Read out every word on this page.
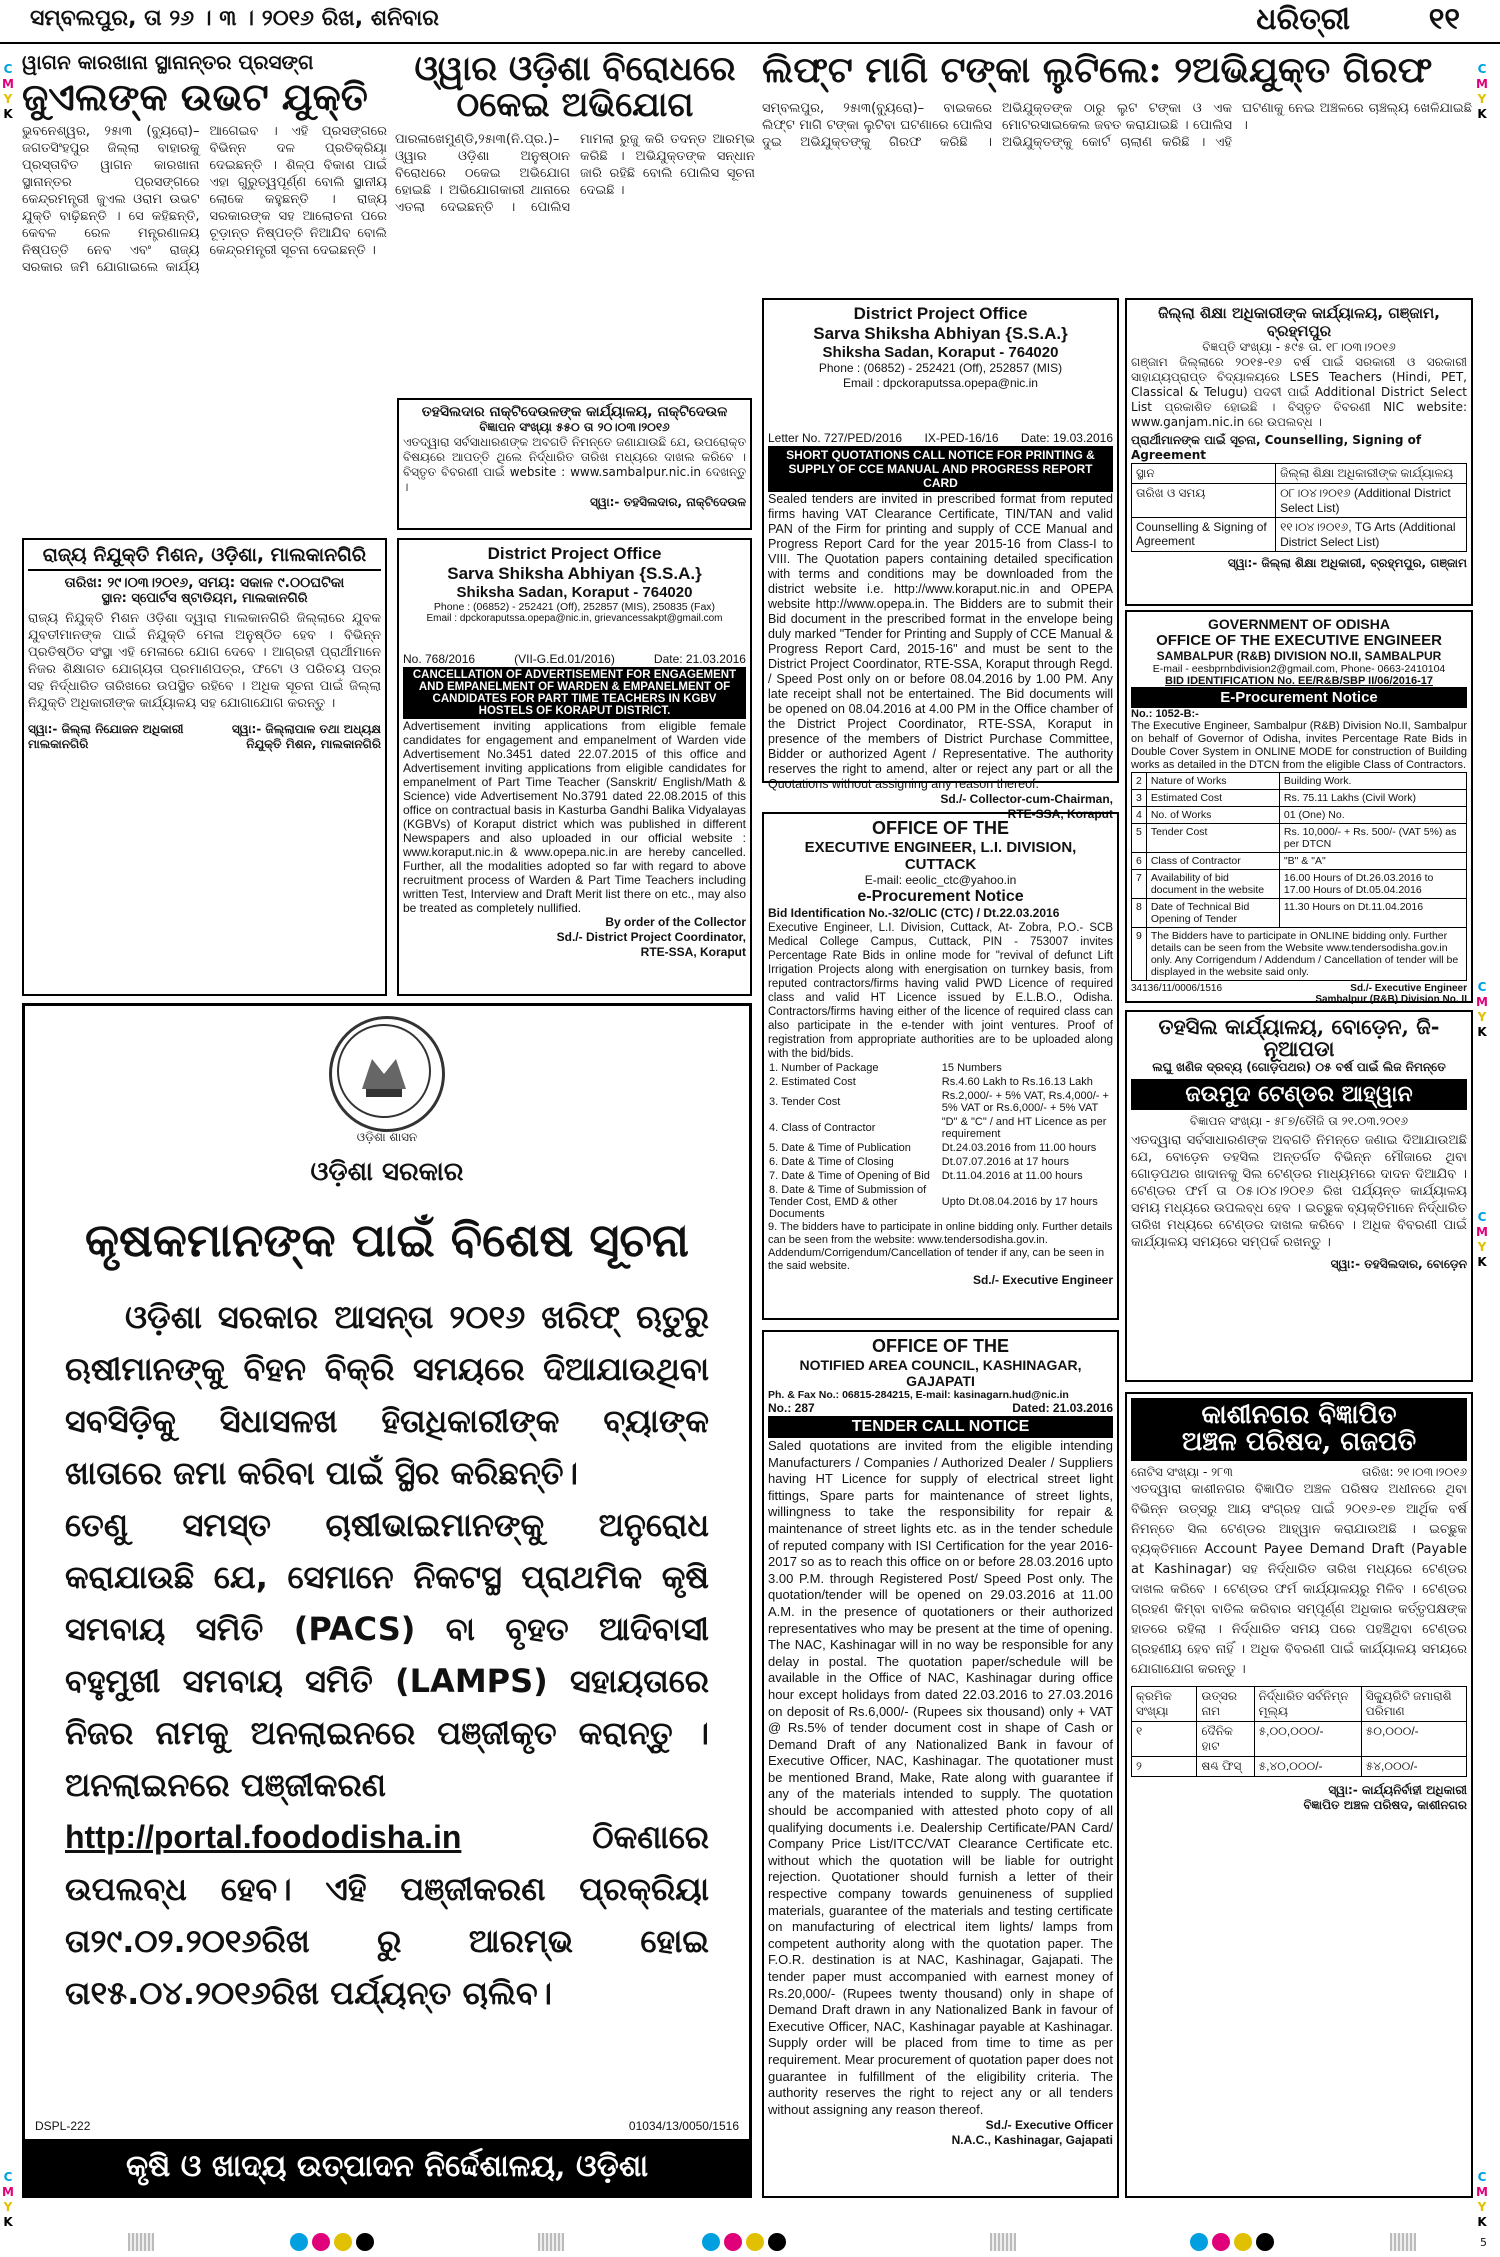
ସମ୍ବଲପୁର, ତା ୨୬ । ୩ । ୨୦୧୬ ରିଖ, ଶନିବାର	ଧରିତ୍ରୀ	୧୧
C
M
Y
K
C
M
Y
K
C
M
Y
K
C
M
Y
K
C
M
Y
K
C
M
Y
K
ୱାଗନ କାରଖାନା ସ୍ଥାନାନ୍ତର ପ୍ରସଙ୍ଗ
ଜୁଏଲଙ୍କ ଉଭଟ ଯୁକ୍ତି
ଭୁବନେଶ୍ୱର, ୨୫ା୩ (ବ୍ୟୁରୋ)– ଜଗତସିଂହପୁର ଜିଲ୍ଲା ବାହାରକୁ ପ୍ରସ୍ତାବିତ ୱାଗନ କାରଖାନା ସ୍ଥାନାନ୍ତର ପ୍ରସଙ୍ଗରେ କେନ୍ଦ୍ରମନ୍ତ୍ରୀ ଜୁଏଲ ଓରାମ ଉଭଟ ଯୁକ୍ତି ବାଢ଼ିଛନ୍ତି । ସେ କହିଛନ୍ତି, କେବଳ ରେଳ ମନ୍ତ୍ରଣାଳୟ ନିଷ୍ପତ୍ତି ନେବ ଏବଂ ରାଜ୍ୟ ସରକାର ଜମି ଯୋଗାଇଲେ କାର୍ଯ୍ୟ ଆଗେଇବ । ଏହି ପ୍ରସଙ୍ଗରେ ବିଭିନ୍ନ ଦଳ ପ୍ରତିକ୍ରିୟା ଦେଇଛନ୍ତି । ଶିଳ୍ପ ବିକାଶ ପାଇଁ ଏହା ଗୁରୁତ୍ୱପୂର୍ଣ୍ଣ ବୋଲି ସ୍ଥାନୀୟ ଲୋକେ କହୁଛନ୍ତି । ରାଜ୍ୟ ସରକାରଙ୍କ ସହ ଆଲୋଚନା ପରେ ଚୂଡ଼ାନ୍ତ ନିଷ୍ପତ୍ତି ନିଆଯିବ ବୋଲି କେନ୍ଦ୍ରମନ୍ତ୍ରୀ ସୂଚନା ଦେଇଛନ୍ତି ।
ଓ୍ୱାର ଓଡ଼ିଶା ବିରୋଧରେ ଠକେଇ ଅଭିଯୋଗ
ପାରଳାଖେମୁଣ୍ଡି,୨୫ା୩(ନି.ପ୍ର.)– ଓ୍ୱାର ଓଡ଼ିଶା ଅନୁଷ୍ଠାନ ବିରୋଧରେ ଠକେଇ ଅଭିଯୋଗ ହୋଇଛି । ଅଭିଯୋଗକାରୀ ଥାନାରେ ଏତଲା ଦେଇଛନ୍ତି । ପୋଲିସ ମାମଲା ରୁଜୁ କରି ତଦନ୍ତ ଆରମ୍ଭ କରିଛି । ଅଭିଯୁକ୍ତଙ୍କ ସନ୍ଧାନ ଜାରି ରହିଛି ବୋଲି ପୋଲିସ ସୂଚନା ଦେଇଛି ।
ଲିଫ୍ଟ ମାଗି ଟଙ୍କା ଲୁଟିଲେ: ୨ଅଭିଯୁକ୍ତ ଗିରଫ
ସମ୍ବଲପୁର, ୨୫ା୩(ବ୍ୟୁରୋ)– ବାଇକରେ ଲିଫ୍ଟ ମାଗି ଟଙ୍କା ଲୁଟିବା ଘଟଣାରେ ପୋଲିସ ଦୁଇ ଅଭିଯୁକ୍ତଙ୍କୁ ଗିରଫ କରିଛି । ଅଭିଯୁକ୍ତଙ୍କ ଠାରୁ ଲୁଟ ଟଙ୍କା ଓ ଏକ ମୋଟରସାଇକେଲ ଜବତ କରାଯାଇଛି । ପୋଲିସ ଅଭିଯୁକ୍ତଙ୍କୁ କୋର୍ଟ ଚାଲାଣ କରିଛି । ଏହି ଘଟଣାକୁ ନେଇ ଅଞ୍ଚଳରେ ଚାଞ୍ଚଲ୍ୟ ଖେଳିଯାଇଛି ।
ତହସିଲଦାର ନାକ୍ଟିଦେଉଳଙ୍କ କାର୍ଯ୍ୟାଳୟ, ନାକ୍ଟିଦେଉଳ
ବିଜ୍ଞାପନ ସଂଖ୍ୟା ୫୫୦ ତା ୨୦।୦୩।୨୦୧୬
ଏତଦ୍ୱାରା ସର୍ବସାଧାରଣଙ୍କ ଅବଗତି ନିମନ୍ତେ ଜଣାଯାଉଛି ଯେ, ଉପରୋକ୍ତ ବିଷୟରେ ଆପତ୍ତି ଥିଲେ ନିର୍ଦ୍ଧାରିତ ତାରିଖ ମଧ୍ୟରେ ଦାଖଲ କରିବେ । ବିସ୍ତୃତ ବିବରଣୀ ପାଇଁ website : www.sambalpur.nic.in ଦେଖନ୍ତୁ ।
ସ୍ୱା:- ତହସିଲଦାର, ନାକ୍ଟିଦେଉଳ
District Project Office
Sarva Shiksha Abhiyan {S.S.A.}
Shiksha Sadan, Koraput - 764020
Phone : (06852) - 252421 (Off), 252857 (MIS)
Email : dpckoraputssa.opepa@nic.in
Letter No. 727/PED/2016 IX-PED-16/16 Date: 19.03.2016
SHORT QUOTATIONS CALL NOTICE FOR PRINTING & SUPPLY OF CCE MANUAL AND PROGRESS REPORT CARD
Sealed tenders are invited in prescribed format from reputed firms having VAT Clearance Certificate, TIN/TAN and valid PAN of the Firm for printing and supply of CCE Manual and Progress Report Card for the year 2015-16 from Class-I to VIII. The Quotation papers containing detailed specification with terms and conditions may be downloaded from the district website i.e. http://www.koraput.nic.in and OPEPA website http://www.opepa.in. The Bidders are to submit their Bid document in the prescribed format in the envelope being duly marked "Tender for Printing and Supply of CCE Manual & Progress Report Card, 2015-16" and must be sent to the District Project Coordinator, RTE-SSA, Koraput through Regd. / Speed Post only on or before 08.04.2016 by 1.00 PM. Any late receipt shall not be entertained. The Bid documents will be opened on 08.04.2016 at 4.00 PM in the Office chamber of the District Project Coordinator, RTE-SSA, Koraput in presence of the members of District Purchase Committee, Bidder or authorized Agent / Representative. The authority reserves the right to amend, alter or reject any part or all the Quotations without assigning any reason thereof.
Sd./- Collector-cum-Chairman,
RTE-SSA, Koraput
ଜିଲ୍ଲା ଶିକ୍ଷା ଅଧିକାରୀଙ୍କ କାର୍ଯ୍ୟାଳୟ, ଗଞ୍ଜାମ, ବ୍ରହ୍ମପୁର
ବିଜ୍ଞପ୍ତି ସଂଖ୍ୟା - ୫୯୫ ତା. ୧୮।୦୩।୨୦୧୬
ଗଞ୍ଜାମ ଜିଲ୍ଲାରେ ୨୦୧୫-୧୬ ବର୍ଷ ପାଇଁ ସରକାରୀ ଓ ସରକାରୀ ସାହାଯ୍ୟପ୍ରାପ୍ତ ବିଦ୍ୟାଳୟରେ LSES Teachers (Hindi, PET, Classical & Telugu) ପଦବୀ ପାଇଁ Additional District Select List ପ୍ରକାଶିତ ହୋଇଛି । ବିସ୍ତୃତ ବିବରଣୀ NIC website: www.ganjam.nic.in ରେ ଉପଲବ୍ଧ ।
ପ୍ରାର୍ଥୀମାନଙ୍କ ପାଇଁ ସୂଚନା, Counselling, Signing of Agreement
ସ୍ଥାନ	ଜିଲ୍ଲା ଶିକ୍ଷା ଅଧିକାରୀଙ୍କ କାର୍ଯ୍ୟାଳୟ
ତାରିଖ ଓ ସମୟ	୦୮।୦୪।୨୦୧୬ (Additional District Select List)
Counselling & Signing of Agreement	୧୧।୦୪।୨୦୧୬, TG Arts (Additional District Select List)
ସ୍ୱା:- ଜିଲ୍ଲା ଶିକ୍ଷା ଅଧିକାରୀ, ବ୍ରହ୍ମପୁର, ଗଞ୍ଜାମ
GOVERNMENT OF ODISHA
OFFICE OF THE EXECUTIVE ENGINEER
SAMBALPUR (R&B) DIVISION NO.II, SAMBALPUR
E-mail - eesbprnbdivision2@gmail.com, Phone- 0663-2410104
BID IDENTIFICATION No. EE/R&B/SBP II/06/2016-17
E-Procurement Notice
No.: 1052-B:-
The Executive Engineer, Sambalpur (R&B) Division No.II, Sambalpur on behalf of Governor of Odisha, invites Percentage Rate Bids in Double Cover System in ONLINE MODE for construction of Building works as detailed in the DTCN from the eligible Class of Contractors.
2	Nature of Works	Building Work.
3	Estimated Cost	Rs. 75.11 Lakhs (Civil Work)
4	No. of Works	01 (One) No.
5	Tender Cost	Rs. 10,000/- + Rs. 500/- (VAT 5%) as per DTCN
6	Class of Contractor	"B" & "A"
7	Availability of bid document in the website	16.00 Hours of Dt.26.03.2016 to 17.00 Hours of Dt.05.04.2016
8	Date of Technical Bid Opening of Tender	11.30 Hours on Dt.11.04.2016
9	The Bidders have to participate in ONLINE bidding only. Further details can be seen from the Website www.tendersodisha.gov.in only. Any Corrigendum / Addendum / Cancellation of tender will be displayed in the website said only.	
34136/11/0006/1516	Sd./- Executive Engineer
Sambalpur (R&B) Division No. II
ରାଜ୍ୟ ନିଯୁକ୍ତି ମିଶନ, ଓଡ଼ିଶା, ମାଲକାନଗିରି
ତାରିଖ: ୨୯।୦୩।୨୦୧୬, ସମୟ: ସକାଳ ୯.୦୦ଘଟିକା
ସ୍ଥାନ: ସ୍ପୋର୍ଟସ ଷ୍ଟାଡିୟମ, ମାଲକାନଗିରି
ରାଜ୍ୟ ନିଯୁକ୍ତି ମିଶନ ଓଡ଼ିଶା ଦ୍ୱାରା ମାଲକାନଗିରି ଜିଲ୍ଲାରେ ଯୁବକ ଯୁବତୀମାନଙ୍କ ପାଇଁ ନିଯୁକ୍ତି ମେଳା ଅନୁଷ୍ଠିତ ହେବ । ବିଭିନ୍ନ ପ୍ରତିଷ୍ଠିତ ସଂସ୍ଥା ଏହି ମେଳାରେ ଯୋଗ ଦେବେ । ଆଗ୍ରହୀ ପ୍ରାର୍ଥୀମାନେ ନିଜର ଶିକ୍ଷାଗତ ଯୋଗ୍ୟତା ପ୍ରମାଣପତ୍ର, ଫଟୋ ଓ ପରିଚୟ ପତ୍ର ସହ ନିର୍ଦ୍ଧାରିତ ତାରିଖରେ ଉପସ୍ଥିତ ରହିବେ । ଅଧିକ ସୂଚନା ପାଇଁ ଜିଲ୍ଲା ନିଯୁକ୍ତି ଅଧିକାରୀଙ୍କ କାର୍ଯ୍ୟାଳୟ ସହ ଯୋଗାଯୋଗ କରନ୍ତୁ ।
ସ୍ୱା:- ଜିଲ୍ଲା ନିଯୋଜନ ଅଧିକାରୀ ମାଲକାନଗିରି
ସ୍ୱା:- ଜିଲ୍ଲାପାଳ ତଥା ଅଧ୍ୟକ୍ଷ ନିଯୁକ୍ତି ମିଶନ, ମାଲକାନଗିରି
District Project Office
Sarva Shiksha Abhiyan {S.S.A.}
Shiksha Sadan, Koraput - 764020
Phone : (06852) - 252421 (Off), 252857 (MIS), 250835 (Fax)
Email : dpckoraputssa.opepa@nic.in, grievancessakpt@gmail.com
No. 768/2016	(VII-G.Ed.01/2016)	Date: 21.03.2016
CANCELLATION OF ADVERTISEMENT FOR ENGAGEMENT AND EMPANELMENT OF WARDEN & EMPANELMENT OF CANDIDATES FOR PART TIME TEACHERS IN KGBV HOSTELS OF KORAPUT DISTRICT.
Advertisement inviting applications from eligible female candidates for engagement and empanelment of Warden vide Advertisement No.3451 dated 22.07.2015 of this office and Advertisement inviting applications from eligible candidates for empanelment of Part Time Teacher (Sanskrit/ English/Math & Science) vide Advertisement No.3791 dated 22.08.2015 of this office on contractual basis in Kasturba Gandhi Balika Vidyalayas (KGBVs) of Koraput district which was published in different Newspapers and also uploaded in our official website : www.koraput.nic.in & www.opepa.nic.in are hereby cancelled. Further, all the modalities adopted so far with regard to above recruitment process of Warden & Part Time Teachers including written Test, Interview and Draft Merit list there on etc., may also be treated as completely nullified.
By order of the Collector
Sd./- District Project Coordinator,
RTE-SSA, Koraput
OFFICE OF THE
EXECUTIVE ENGINEER, L.I. DIVISION, CUTTACK
E-mail: eeolic_ctc@yahoo.in
e-Procurement Notice
Bid Identification No.-32/OLIC (CTC) / Dt.22.03.2016
Executive Engineer, L.I. Division, Cuttack, At- Zobra, P.O.- SCB Medical College Campus, Cuttack, PIN - 753007 invites Percentage Rate Bids in online mode for "revival of defunct Lift Irrigation Projects along with energisation on turnkey basis, from reputed contractors/firms having valid PWD Licence of required class and valid HT Licence issued by E.L.B.O., Odisha. Contractors/firms having either of the licence of required class can also participate in the e-tender with joint ventures. Proof of registration from appropriate authorities are to be uploaded along with the bid/bids.
1. Number of Package	15 Numbers
2. Estimated Cost	Rs.4.60 Lakh to Rs.16.13 Lakh
3. Tender Cost	Rs.2,000/- + 5% VAT, Rs.4,000/- + 5% VAT or Rs.6,000/- + 5% VAT
4. Class of Contractor	"D" & "C" / and HT Licence as per requirement
5. Date & Time of Publication	Dt.24.03.2016 from 11.00 hours
6. Date & Time of Closing	Dt.07.07.2016 at 17 hours
7. Date & Time of Opening of Bid	Dt.11.04.2016 at 11.00 hours
8. Date & Time of Submission of Tender Cost, EMD & other Documents	Upto Dt.08.04.2016 by 17 hours
9. The bidders have to participate in online bidding only. Further details can be seen from the website: www.tendersodisha.gov.in. Addendum/Corrigendum/Cancellation of tender if any, can be seen in the said website.
Sd./- Executive Engineer
ତହସିଲ କାର୍ଯ୍ୟାଳୟ, ବୋଡ଼େନ, ଜି- ନୂଆପଡା
ଲଘୁ ଖଣିଜ ଦ୍ରବ୍ୟ (ଗୋଡ଼ପଥର) ୦୫ ବର୍ଷ ପାଇଁ ଲିଜ ନିମନ୍ତେ
ଜଉମୁଦ ଟେଣ୍ଡର ଆହ୍ୱାନ
ବିଜ୍ଞାପନ ସଂଖ୍ୟା - ୫୮୭/ତୌଜି ତା ୨୧.୦୩.୨୦୧୬
ଏତଦ୍ୱାରା ସର୍ବସାଧାରଣଙ୍କ ଅବଗତି ନିମନ୍ତେ ଜଣାଇ ଦିଆଯାଉଅଛି ଯେ, ବୋଡ଼େନ ତହସିଲ ଅନ୍ତର୍ଗତ ବିଭିନ୍ନ ମୌଜାରେ ଥିବା ଗୋଡ଼ପଥର ଖାଦାନକୁ ସିଲ ଟେଣ୍ଡର ମାଧ୍ୟମରେ ଦାଦନ ଦିଆଯିବ । ଟେଣ୍ଡର ଫର୍ମ ତା ୦୫।୦୪।୨୦୧୬ ରିଖ ପର୍ଯ୍ୟନ୍ତ କାର୍ଯ୍ୟାଳୟ ସମୟ ମଧ୍ୟରେ ଉପଲବ୍ଧ ହେବ । ଇଚ୍ଛୁକ ବ୍ୟକ୍ତିମାନେ ନିର୍ଦ୍ଧାରିତ ତାରିଖ ମଧ୍ୟରେ ଟେଣ୍ଡର ଦାଖଲ କରିବେ । ଅଧିକ ବିବରଣୀ ପାଇଁ କାର୍ଯ୍ୟାଳୟ ସମୟରେ ସମ୍ପର୍କ ରଖନ୍ତୁ ।
ସ୍ୱା:- ତହସିଲଦାର, ବୋଡ଼େନ
OFFICE OF THE
NOTIFIED AREA COUNCIL, KASHINAGAR, GAJAPATI
Ph. & Fax No.: 06815-284215, E-mail: kasinagarn.hud@nic.in
No.: 287	Dated: 21.03.2016
TENDER CALL NOTICE
Saled quotations are invited from the eligible intending Manufacturers / Companies / Authorized Dealer / Suppliers having HT Licence for supply of electrical street light fittings, Spare parts for maintenance of street lights, willingness to take the responsibility for repair & maintenance of street lights etc. as in the tender schedule of reputed company with ISI Certification for the year 2016-2017 so as to reach this office on or before 28.03.2016 upto 3.00 P.M. through Registered Post/ Speed Post only. The quotation/tender will be opened on 29.03.2016 at 11.00 A.M. in the presence of quotationers or their authorized representatives who may be present at the time of opening. The NAC, Kashinagar will in no way be responsible for any delay in postal. The quotation paper/schedule will be available in the Office of NAC, Kashinagar during office hour except holidays from dated 22.03.2016 to 27.03.2016 on deposit of Rs.6,000/- (Rupees six thousand) only + VAT @ Rs.5% of tender document cost in shape of Cash or Demand Draft of any Nationalized Bank in favour of Executive Officer, NAC, Kashinagar. The quotationer must be mentioned Brand, Make, Rate along with guarantee if any of the materials intended to supply. The quotation should be accompanied with attested photo copy of all qualifying documents i.e. Dealership Certificate/PAN Card/ Company Price List/ITCC/VAT Clearance Certificate etc. without which the quotation will be liable for outright rejection. Quotationer should furnish a letter of their respective company towards genuineness of supplied materials, guarantee of the materials and testing certificate on manufacturing of electrical item lights/ lamps from competent authority along with the quotation paper. The F.O.R. destination is at NAC, Kashinagar, Gajapati. The tender paper must accompanied with earnest money of Rs.20,000/- (Rupees twenty thousand) only in shape of Demand Draft drawn in any Nationalized Bank in favour of Executive Officer, NAC, Kashinagar payable at Kashinagar. Supply order will be placed from time to time as per requirement. Mear procurement of quotation paper does not guarantee in fulfillment of the eligibility criteria. The authority reserves the right to reject any or all tenders without assigning any reason thereof.
Sd./- Executive Officer
N.A.C., Kashinagar, Gajapati
କାଶୀନଗର ବିଜ୍ଞାପିତ
ଅଞ୍ଚଳ ପରିଷଦ, ଗଜପତି
ନୋଟିସ ସଂଖ୍ୟା - ୨୮୩	ତାରିଖ: ୨୧।୦୩।୨୦୧୬
ଏତଦ୍ୱାରା କାଶୀନଗର ବିଜ୍ଞାପିତ ଅଞ୍ଚଳ ପରିଷଦ ଅଧୀନରେ ଥିବା ବିଭିନ୍ନ ଉତ୍ସରୁ ଆୟ ସଂଗ୍ରହ ପାଇଁ ୨୦୧୬-୧୭ ଆର୍ଥିକ ବର୍ଷ ନିମନ୍ତେ ସିଲ ଟେଣ୍ଡର ଆହ୍ୱାନ କରାଯାଉଅଛି । ଇଚ୍ଛୁକ ବ୍ୟକ୍ତିମାନେ Account Payee Demand Draft (Payable at Kashinagar) ସହ ନିର୍ଦ୍ଧାରିତ ତାରିଖ ମଧ୍ୟରେ ଟେଣ୍ଡର ଦାଖଲ କରିବେ । ଟେଣ୍ଡର ଫର୍ମ କାର୍ଯ୍ୟାଳୟରୁ ମିଳିବ । ଟେଣ୍ଡର ଗ୍ରହଣ କିମ୍ବା ବାତିଲ କରିବାର ସମ୍ପୂର୍ଣ୍ଣ ଅଧିକାର କର୍ତ୍ତୃପକ୍ଷଙ୍କ ହାତରେ ରହିଲା । ନିର୍ଦ୍ଧାରିତ ସମୟ ପରେ ପହଞ୍ଚିଥିବା ଟେଣ୍ଡର ଗ୍ରହଣୀୟ ହେବ ନାହିଁ । ଅଧିକ ବିବରଣୀ ପାଇଁ କାର୍ଯ୍ୟାଳୟ ସମୟରେ ଯୋଗାଯୋଗ କରନ୍ତୁ ।
କ୍ରମିକ ସଂଖ୍ୟା	ଉତ୍ସର ନାମ	ନିର୍ଦ୍ଧାରିତ ସର୍ବନିମ୍ନ ମୂଲ୍ୟ	ସିକ୍ୟୁରିଟି ଜମାରାଶି ପରିମାଣ
୧	ଦୈନିକ ହାଟ	୫,୦୦,୦୦୦/-	୫୦,୦୦୦/-
୨	ଷଣ୍ଢ ଫିସ୍	୫,୪୦,୦୦୦/-	୫୪,୦୦୦/-
ସ୍ୱା:- କାର୍ଯ୍ୟନିର୍ବାହୀ ଅଧିକାରୀ
ବିଜ୍ଞାପିତ ଅଞ୍ଚଳ ପରିଷଦ, କାଶୀନଗର
ଓଡ଼ିଶା ଶାସନ
ଓଡ଼ିଶା ସରକାର
କୃଷକମାନଙ୍କ ପାଇଁ ବିଶେଷ ସୂଚନା
ଓଡ଼ିଶା ସରକାର ଆସନ୍ତା ୨୦୧୬ ଖରିଫ୍ ଋତୁରୁ ଋଷୀମାନଙ୍କୁ ବିହନ ବିକ୍ରି ସମୟରେ ଦିଆଯାଉଥିବା ସବସିଡ଼ିକୁ ସିଧାସଳଖ ହିତାଧିକାରୀଙ୍କ ବ୍ୟାଙ୍କ ଖାତାରେ ଜମା କରିବା ପାଇଁ ସ୍ଥିର କରିଛନ୍ତି।
ତେଣୁ ସମସ୍ତ ଚାଷୀଭାଇମାନଙ୍କୁ ଅନୁରୋଧ କରାଯାଉଛି ଯେ, ସେମାନେ ନିକଟସ୍ଥ ପ୍ରାଥମିକ କୃଷି ସମବାୟ ସମିତି (PACS) ବା ବୃହତ ଆଦିବାସୀ ବହୁମୁଖୀ ସମବାୟ ସମିତି (LAMPS) ସହାୟତାରେ ନିଜର ନାମକୁ ଅନଲାଇନରେ ପଞ୍ଜୀକୃତ କରାନ୍ତୁ । ଅନଲାଇନରେ ପଞ୍ଜୀକରଣ
http://portal.foododisha.in	ଠିକଣାରେ ଉପଲବ୍ଧ ହେବ। ଏହି ପଞ୍ଜୀକରଣ ପ୍ରକ୍ରିୟା ତା୨୯.୦୨.୨୦୧୬ରିଖ ରୁ ଆରମ୍ଭ ହୋଇ ତା୧୫.୦୪.୨୦୧୬ରିଖ ପର୍ଯ୍ୟନ୍ତ ଚାଲିବ।
DSPL-222	01034/13/0050/1516
କୃଷି ଓ ଖାଦ୍ୟ ଉତ୍ପାଦନ ନିର୍ଦ୍ଦେଶାଳୟ, ଓଡ଼ିଶା
5
